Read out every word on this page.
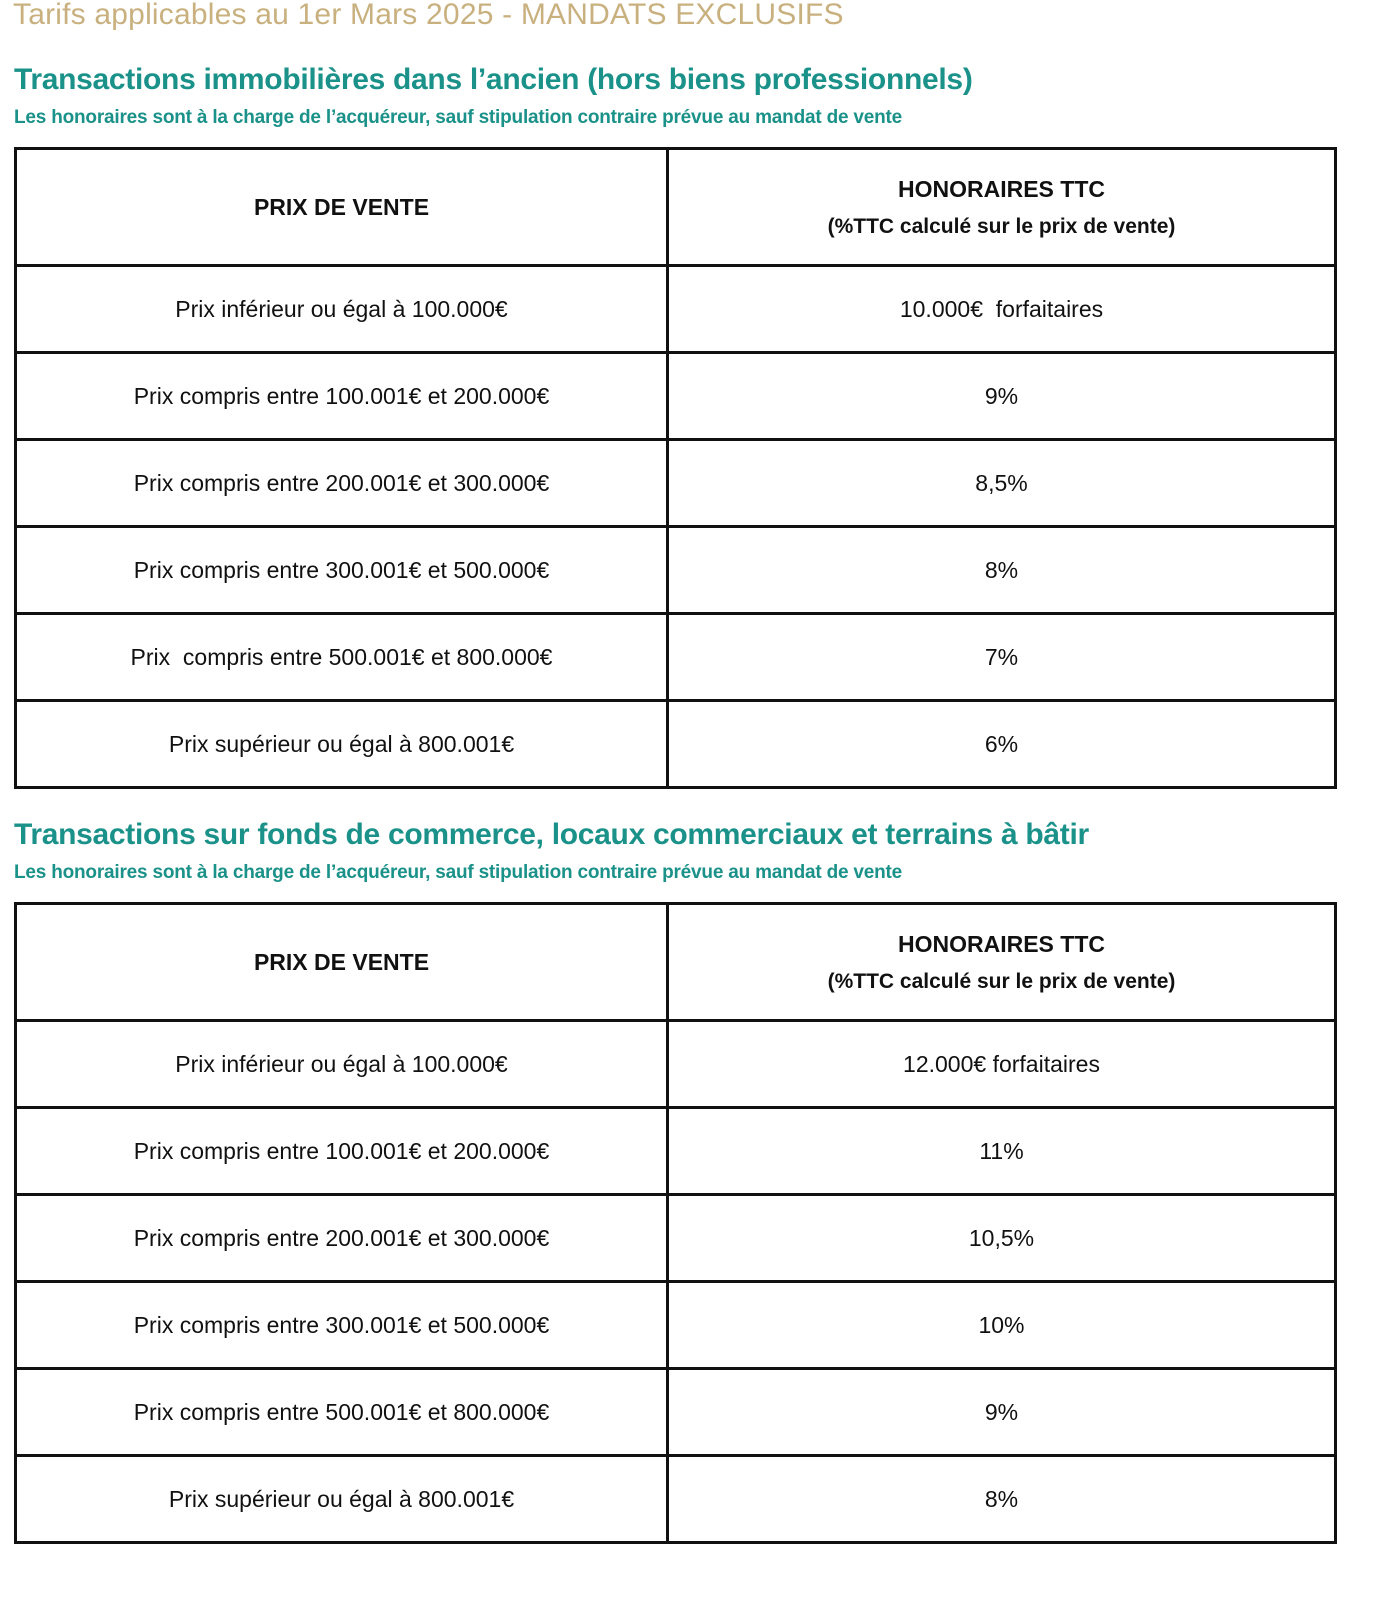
Tarifs applicables au 1er Mars 2025 - MANDATS EXCLUSIFS
Transactions immobilières dans l’ancien (hors biens professionnels)
Les honoraires sont à la charge de l’acquéreur, sauf stipulation contraire prévue au mandat de vente
PRIX DE VENTE	HONORAIRES TTC
(%TTC calculé sur le prix de vente)

Prix inférieur ou égal à 100.000€	10.000€  forfaitaires
Prix compris entre 100.001€ et 200.000€	9%
Prix compris entre 200.001€ et 300.000€	8,5%
Prix compris entre 300.001€ et 500.000€	8%
Prix  compris entre 500.001€ et 800.000€	7%
Prix supérieur ou égal à 800.001€	6%
Transactions sur fonds de commerce, locaux commerciaux et terrains à bâtir
Les honoraires sont à la charge de l’acquéreur, sauf stipulation contraire prévue au mandat de vente
PRIX DE VENTE	HONORAIRES TTC
(%TTC calculé sur le prix de vente)

Prix inférieur ou égal à 100.000€	12.000€ forfaitaires
Prix compris entre 100.001€ et 200.000€	11%
Prix compris entre 200.001€ et 300.000€	10,5%
Prix compris entre 300.001€ et 500.000€	10%
Prix compris entre 500.001€ et 800.000€	9%
Prix supérieur ou égal à 800.001€	8%
